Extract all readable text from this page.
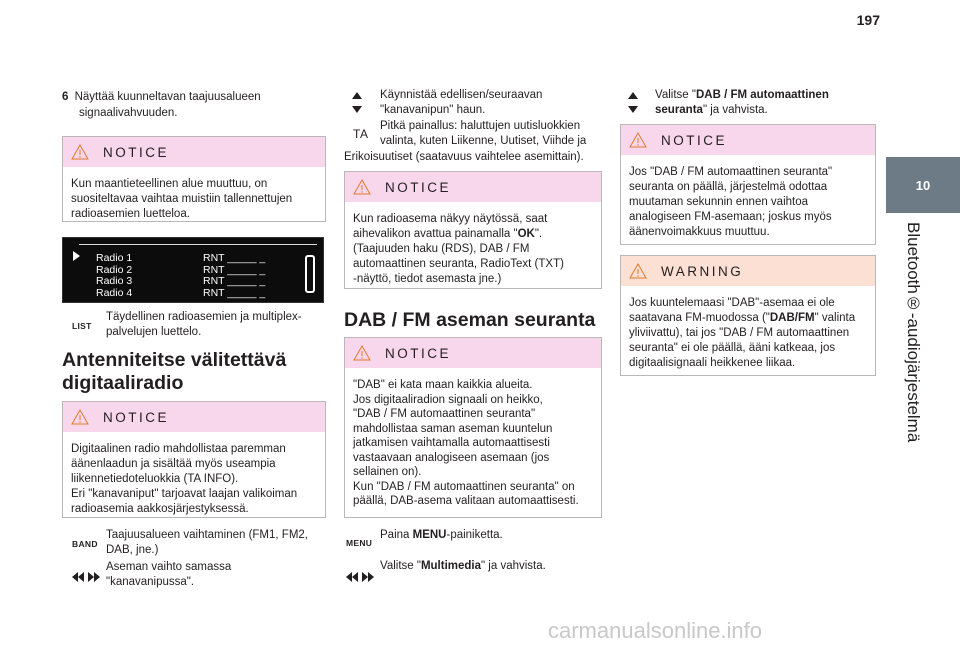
197
10
Bluetooth®-audiojärjestelmä
6 Näyttää kuunneltavan taajuusalueen
signaalivahvuuden.
NOTICE
Kun maantieteellinen alue muuttuu, on
suositeltavaa vaihtaa muistiin tallennettujen
radioasemien luetteloa.
Radio 1
Radio 2
Radio 3
Radio 4
RNT _____ _
RNT _____ _
RNT _____ _
RNT _____ _
LIST
Täydellinen radioasemien ja multiplex-
palvelujen luettelo.
Antenniteitse välitettävä
digitaaliradio
NOTICE
Digitaalinen radio mahdollistaa paremman
äänenlaadun ja sisältää myös useampia
liikennetiedoteluokkia (TA INFO).
Eri "kanavaniput" tarjoavat laajan valikoiman
radioasemia aakkosjärjestyksessä.
BAND
Taajuusalueen vaihtaminen (FM1, FM2,
DAB, jne.)
Aseman vaihto samassa
"kanavanipussa".
Käynnistää edellisen/seuraavan
"kanavanipun" haun.
TA
Pitkä painallus: haluttujen uutisluokkien
valinta, kuten Liikenne, Uutiset, Viihde ja
Erikoisuutiset (saatavuus vaihtelee asemittain).
NOTICE
Kun radioasema näkyy näytössä, saat
aihevalikon avattua painamalla "OK".
(Taajuuden haku (RDS), DAB / FM
automaattinen seuranta, RadioText (TXT)
-näyttö, tiedot asemasta jne.)
DAB / FM aseman seuranta
NOTICE
"DAB" ei kata maan kaikkia alueita.
Jos digitaaliradion signaali on heikko,
"DAB / FM automaattinen seuranta"
mahdollistaa saman aseman kuuntelun
jatkamisen vaihtamalla automaattisesti
vastaavaan analogiseen asemaan (jos
sellainen on).
Kun "DAB / FM automaattinen seuranta" on
päällä, DAB-asema valitaan automaattisesti.
MENU
Paina MENU-painiketta.
Valitse "Multimedia" ja vahvista.
Valitse "DAB / FM automaattinen
seuranta" ja vahvista.
NOTICE
Jos "DAB / FM automaattinen seuranta"
seuranta on päällä, järjestelmä odottaa
muutaman sekunnin ennen vaihtoa
analogiseen FM-asemaan; joskus myös
äänenvoimakkuus muuttuu.
WARNING
Jos kuuntelemaasi "DAB"-asemaa ei ole
saatavana FM-muodossa ("DAB/FM" valinta
yliviivattu), tai jos "DAB / FM automaattinen
seuranta" ei ole päällä, ääni katkeaa, jos
digitaalisignaali heikkenee liikaa.
carmanualsonline.info
